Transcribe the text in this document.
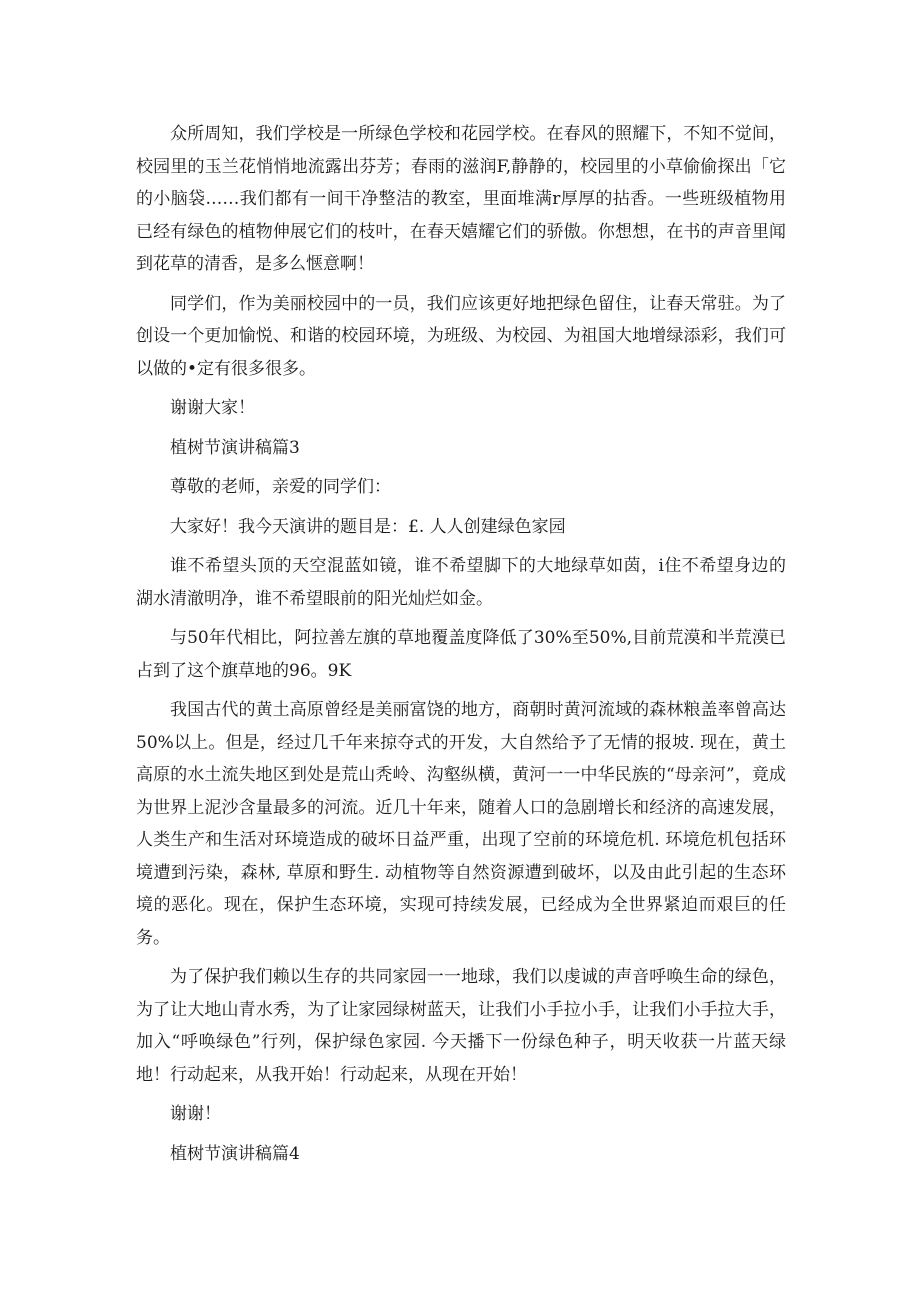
众所周知，我们学校是一所绿色学校和花园学校。在春风的照耀下，不知不觉间，校园里的玉兰花悄悄地流露出芬芳；春雨的滋润F,静静的，校园里的小草偷偷探出「它的小脑袋……我们都有一间干净整洁的教室，里面堆满r厚厚的拈香。一些班级植物用已经有绿色的植物伸展它们的枝叶，在春天嬉耀它们的骄傲。你想想，在书的声音里闻到花草的清香，是多么惬意啊！

同学们，作为美丽校园中的一员，我们应该更好地把绿色留住，让春天常驻。为了创设一个更加愉悦、和谐的校园环境，为班级、为校园、为祖国大地增绿添彩，我们可以做的•定有很多很多。

谢谢大家！

植树节演讲稿篇3

尊敬的老师，亲爱的同学们：

大家好！我今天演讲的题目是：£. 人人创建绿色家园

谁不希望头顶的天空混蓝如镜，谁不希望脚下的大地绿草如茵，i住不希望身边的湖水清澈明净，谁不希望眼前的阳光灿烂如金。

与50年代相比，阿拉善左旗的草地覆盖度降低了30%至50%,目前荒漠和半荒漠已占到了这个旗草地的96。9K

我国古代的黄土高原曾经是美丽富饶的地方，商朝时黄河流域的森林粮盖率曾高达50%以上。但是，经过几千年来掠夺式的开发，大自然给予了无情的报坡. 现在，黄土高原的水土流失地区到处是荒山秃岭、沟壑纵横，黄河一一中华民族的“母亲河”，竟成为世界上泥沙含量最多的河流。近几十年来，随着人口的急剧增长和经济的高速发展，人类生产和生活对环境造成的破坏日益严重，出现了空前的环境危机. 环境危机包括环境遭到污染，森林, 草原和野生. 动植物等自然资源遭到破坏，以及由此引起的生态环境的恶化。现在，保护生态环境，实现可持续发展，已经成为全世界紧迫而艰巨的任务。

为了保护我们赖以生存的共同家园一一地球，我们以虔诚的声音呼唤生命的绿色，为了让大地山青水秀，为了让家园绿树蓝天，让我们小手拉小手，让我们小手拉大手，加入“呼唤绿色”行列，保护绿色家园. 今天播下一份绿色种子，明天收获一片蓝天绿地！行动起来，从我开始！行动起来，从现在开始！

谢谢！

植树节演讲稿篇4
